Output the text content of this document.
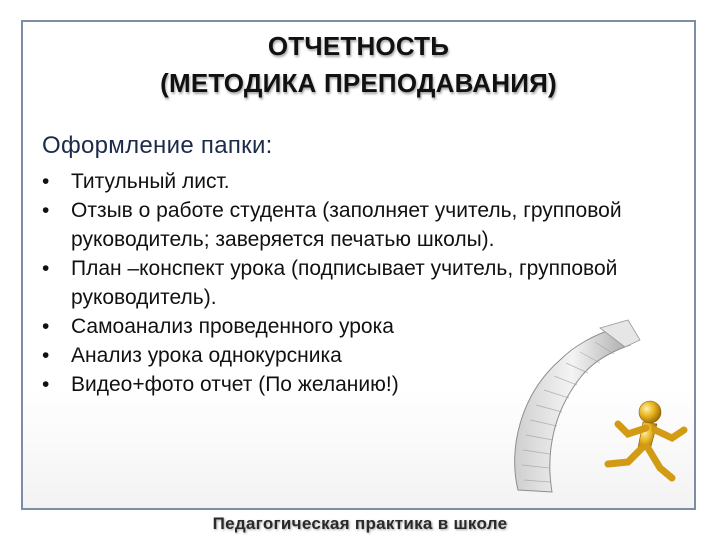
ОТЧЕТНОСТЬ
(МЕТОДИКА ПРЕПОДАВАНИЯ)
Оформление папки:
•	Титульный лист.
•	Отзыв о работе студента (заполняет учитель, групповой руководитель; заверяется печатью школы).
•	План –конспект урока (подписывает учитель, групповой руководитель).
•	Самоанализ проведенного урока
•	Анализ урока однокурсника
•	Видео+фото отчет (По желанию!)
Педагогическая практика в школе
